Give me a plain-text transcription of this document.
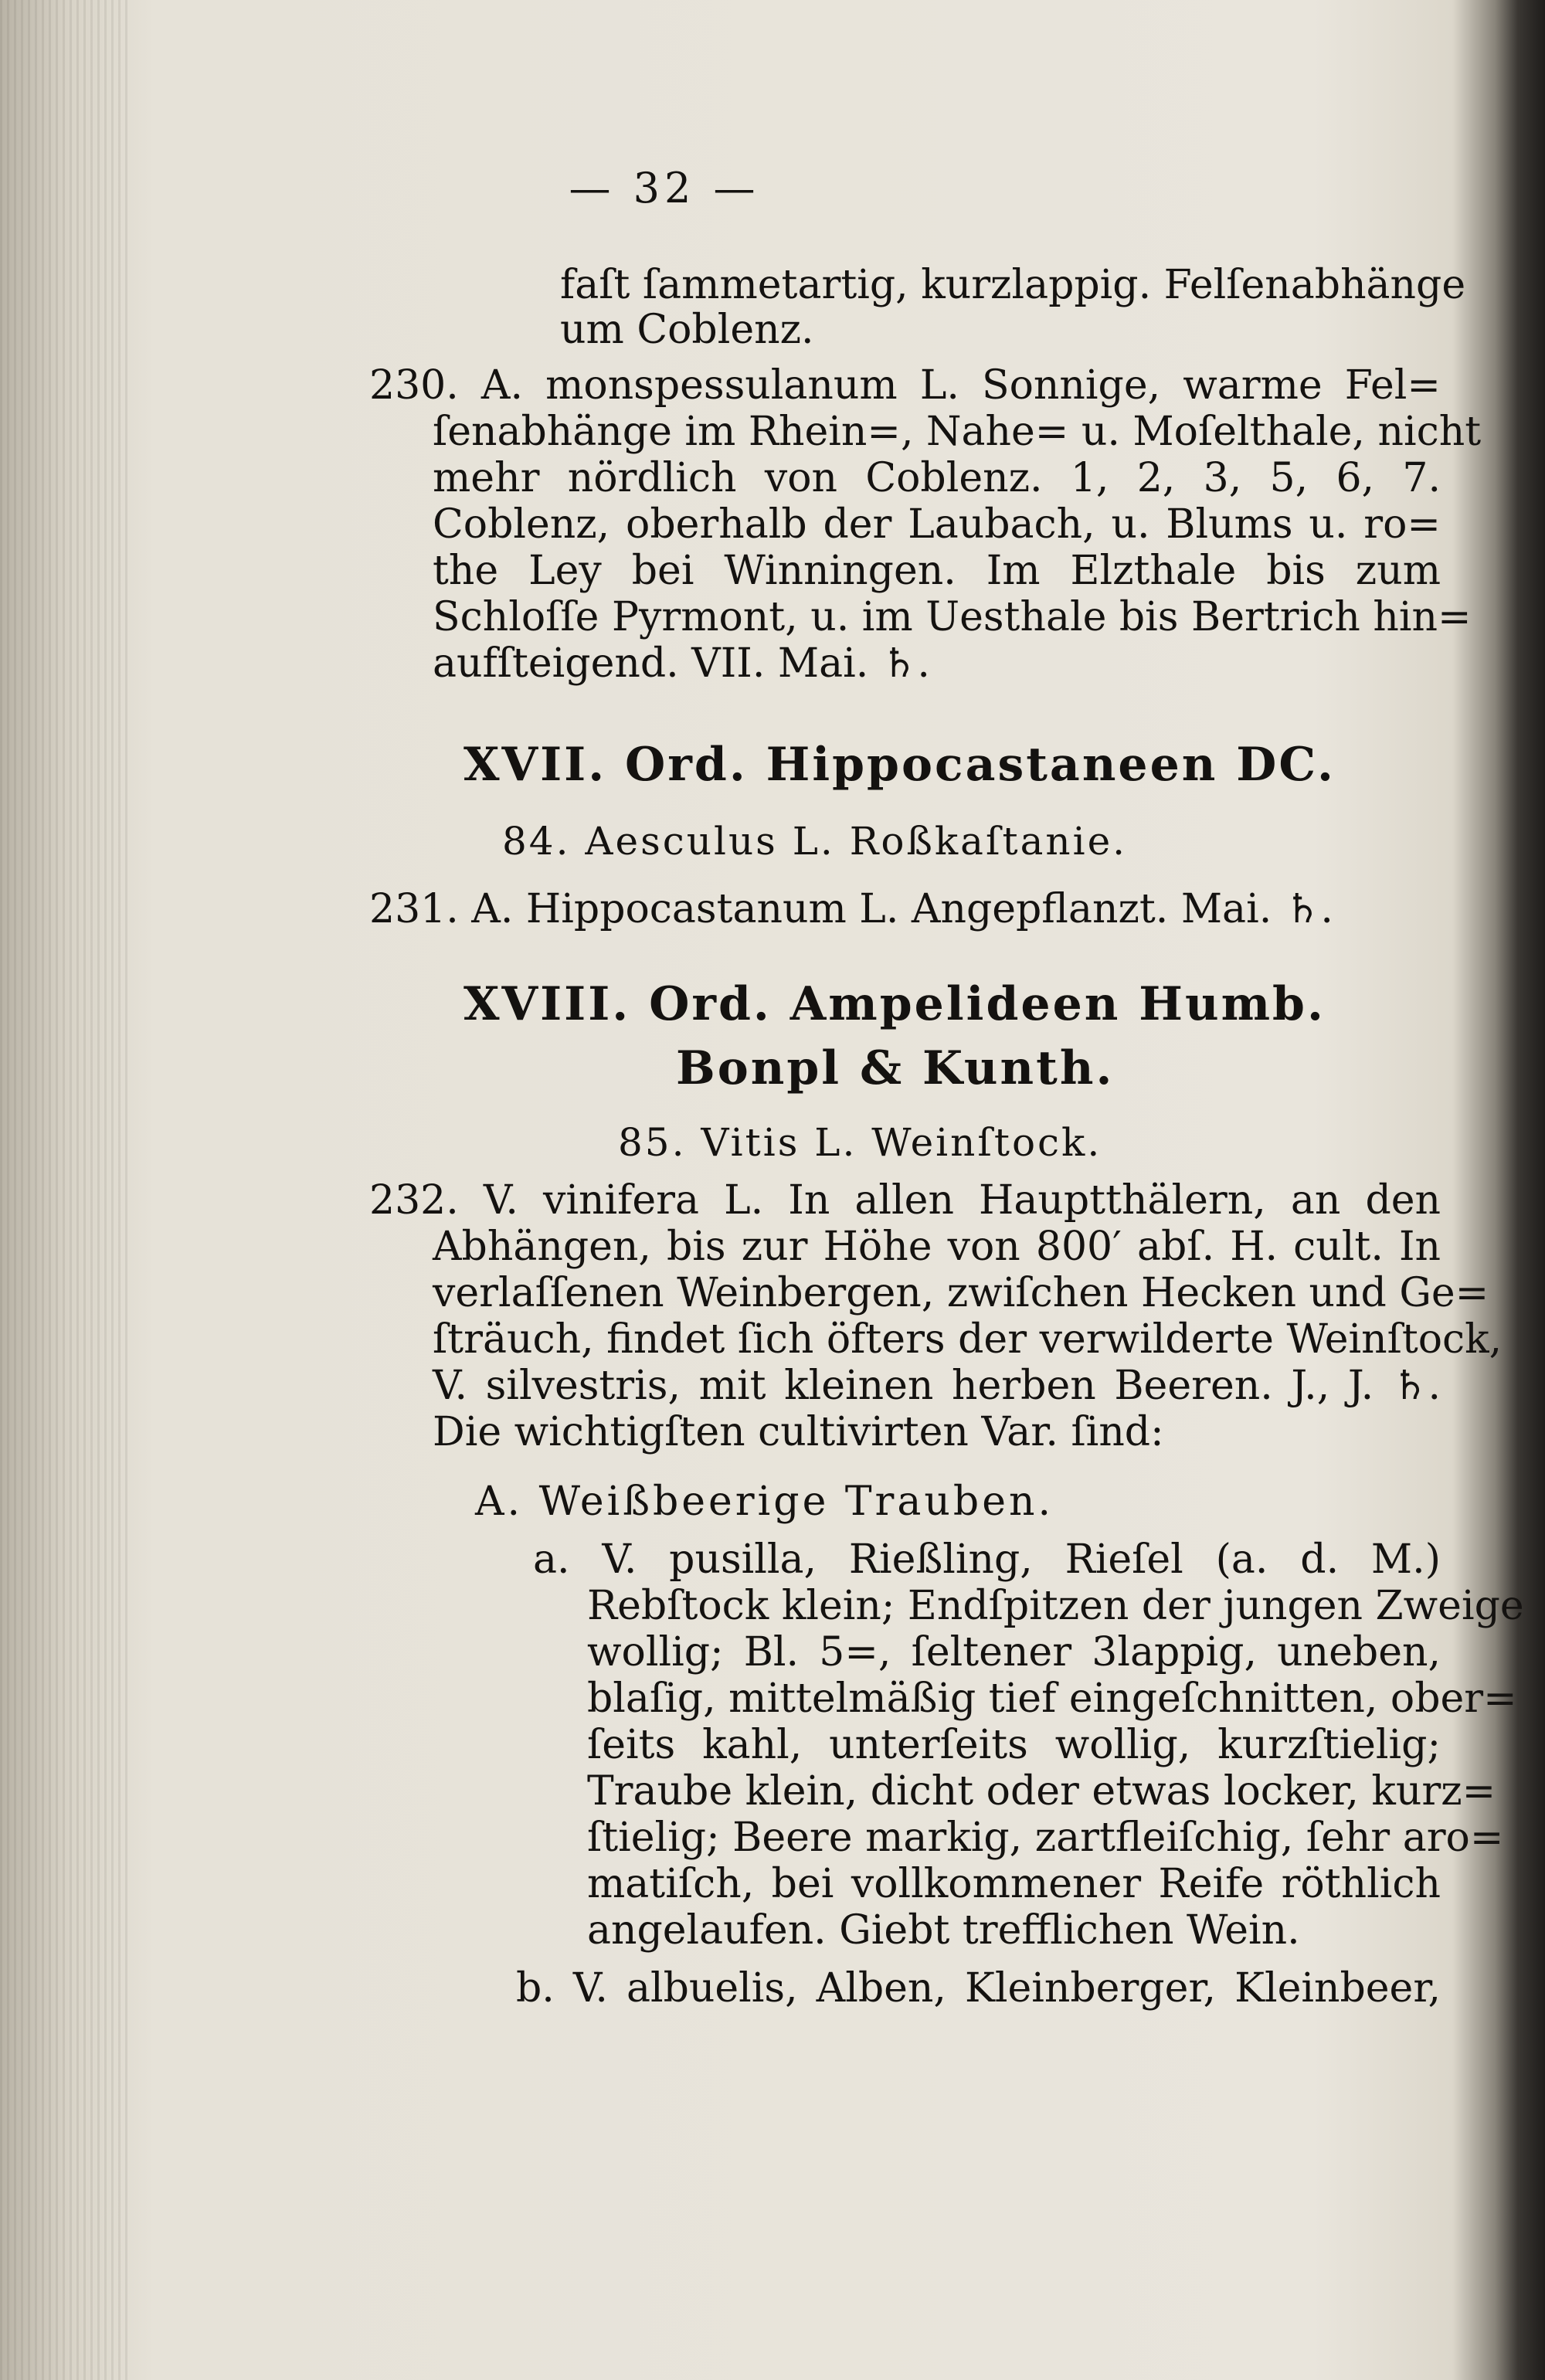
— 32 —
faſt ſammetartig, kurzlappig. Felſenabhänge
um Coblenz.
230. A. monspessulanum L. Sonnige, warme Fel=
ſenabhänge im Rhein=, Nahe= u. Moſelthale, nicht
mehr nördlich von Coblenz. 1, 2, 3, 5, 6, 7.
Coblenz, oberhalb der Laubach, u. Blums u. ro=
the Ley bei Winningen. Im Elzthale bis zum
Schloſſe Pyrmont, u. im Uesthale bis Bertrich hin=
aufſteigend. VII. Mai. ♄.
XVII. Ord. Hippocastaneen DC.
84. Aesculus L. Roßkaſtanie.
231. A. Hippocastanum L. Angepflanzt. Mai. ♄.
XVIII. Ord. Ampelideen Humb.
Bonpl & Kunth.
85. Vitis L. Weinſtock.
232. V. vinifera L. In allen Hauptthälern, an den
Abhängen, bis zur Höhe von 800′ abſ. H. cult. In
verlaſſenen Weinbergen, zwiſchen Hecken und Ge=
ſträuch, findet ſich öfters der verwilderte Weinſtock,
V. silvestris, mit kleinen herben Beeren. J., J. ♄.
Die wichtigſten cultivirten Var. ſind:
A. Weißbeerige Trauben.
a. V. pusilla, Rießling, Rieſel (a. d. M.)
Rebſtock klein; Endſpitzen der jungen Zweige
wollig; Bl. 5=, ſeltener 3lappig, uneben,
blaſig, mittelmäßig tief eingeſchnitten, ober=
ſeits kahl, unterſeits wollig, kurzſtielig;
Traube klein, dicht oder etwas locker, kurz=
ſtielig; Beere markig, zartfleiſchig, ſehr aro=
matiſch, bei vollkommener Reife röthlich
angelaufen. Giebt trefflichen Wein.
b. V. albuelis, Alben, Kleinberger, Kleinbeer,
